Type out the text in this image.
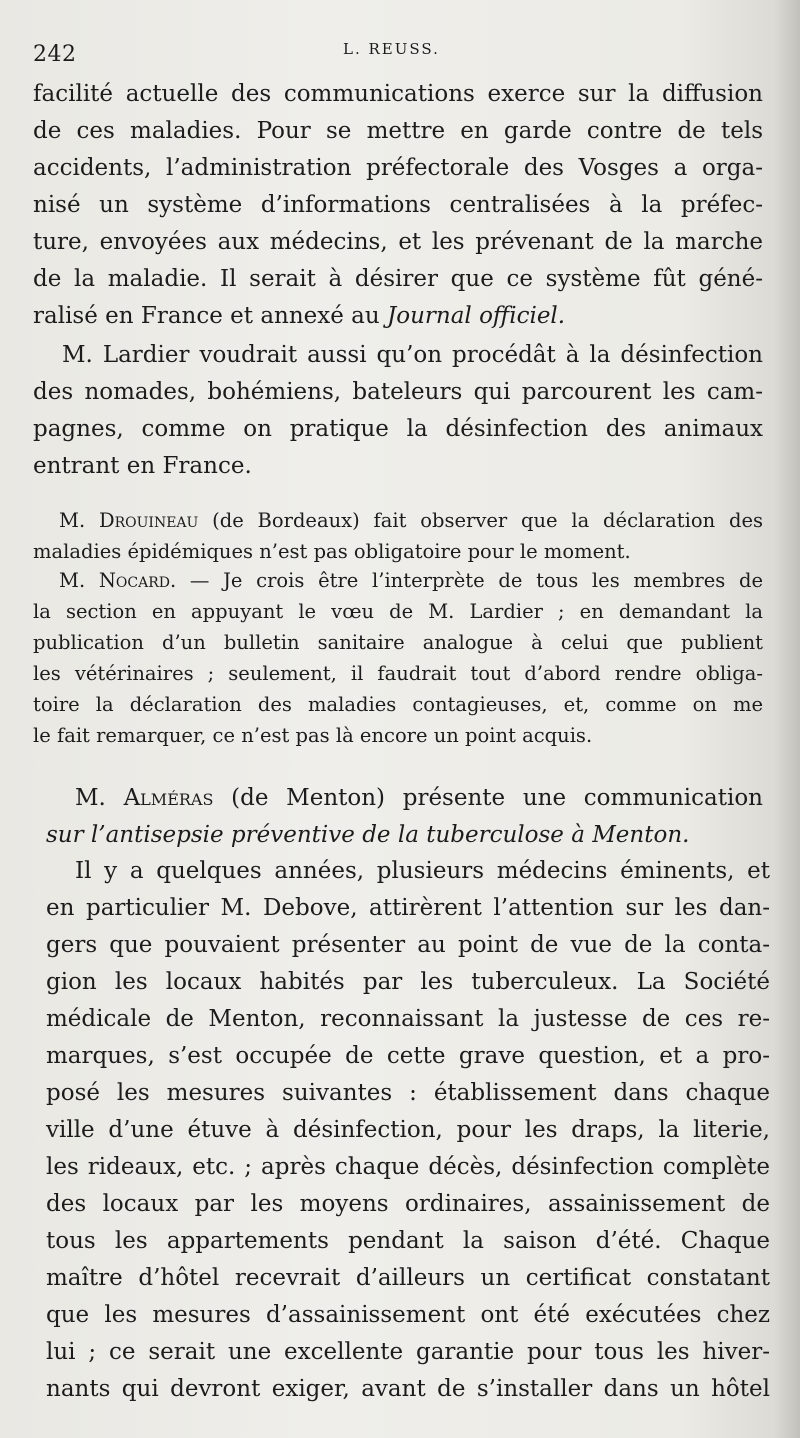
242	L. REUSS.
facilité actuelle des communications exerce sur la diffusion
de ces maladies. Pour se mettre en garde contre de tels
accidents, l’administration préfectorale des Vosges a orga-
nisé un système d’informations centralisées à la préfec-
ture, envoyées aux médecins, et les prévenant de la marche
de la maladie. Il serait à désirer que ce système fût géné-
ralisé en France et annexé au Journal officiel.
M. Lardier voudrait aussi qu’on procédât à la désinfection
des nomades, bohémiens, bateleurs qui parcourent les cam-
pagnes, comme on pratique la désinfection des animaux
entrant en France.
M. Drouineau (de Bordeaux) fait observer que la déclaration des
maladies épidémiques n’est pas obligatoire pour le moment.
M. Nocard. — Je crois être l’interprète de tous les membres de
la section en appuyant le vœu de M. Lardier ; en demandant la
publication d’un bulletin sanitaire analogue à celui que publient
les vétérinaires ; seulement, il faudrait tout d’abord rendre obliga-
toire la déclaration des maladies contagieuses, et, comme on me
le fait remarquer, ce n’est pas là encore un point acquis.
M. Alméras (de Menton) présente une communication
sur l’antisepsie préventive de la tuberculose à Menton.
Il y a quelques années, plusieurs médecins éminents, et
en particulier M. Debove, attirèrent l’attention sur les dan-
gers que pouvaient présenter au point de vue de la conta-
gion les locaux habités par les tuberculeux. La Société
médicale de Menton, reconnaissant la justesse de ces re-
marques, s’est occupée de cette grave question, et a pro-
posé les mesures suivantes : établissement dans chaque
ville d’une étuve à désinfection, pour les draps, la literie,
les rideaux, etc. ; après chaque décès, désinfection complète
des locaux par les moyens ordinaires, assainissement de
tous les appartements pendant la saison d’été. Chaque
maître d’hôtel recevrait d’ailleurs un certificat constatant
que les mesures d’assainissement ont été exécutées chez
lui ; ce serait une excellente garantie pour tous les hiver-
nants qui devront exiger, avant de s’installer dans un hôtel
